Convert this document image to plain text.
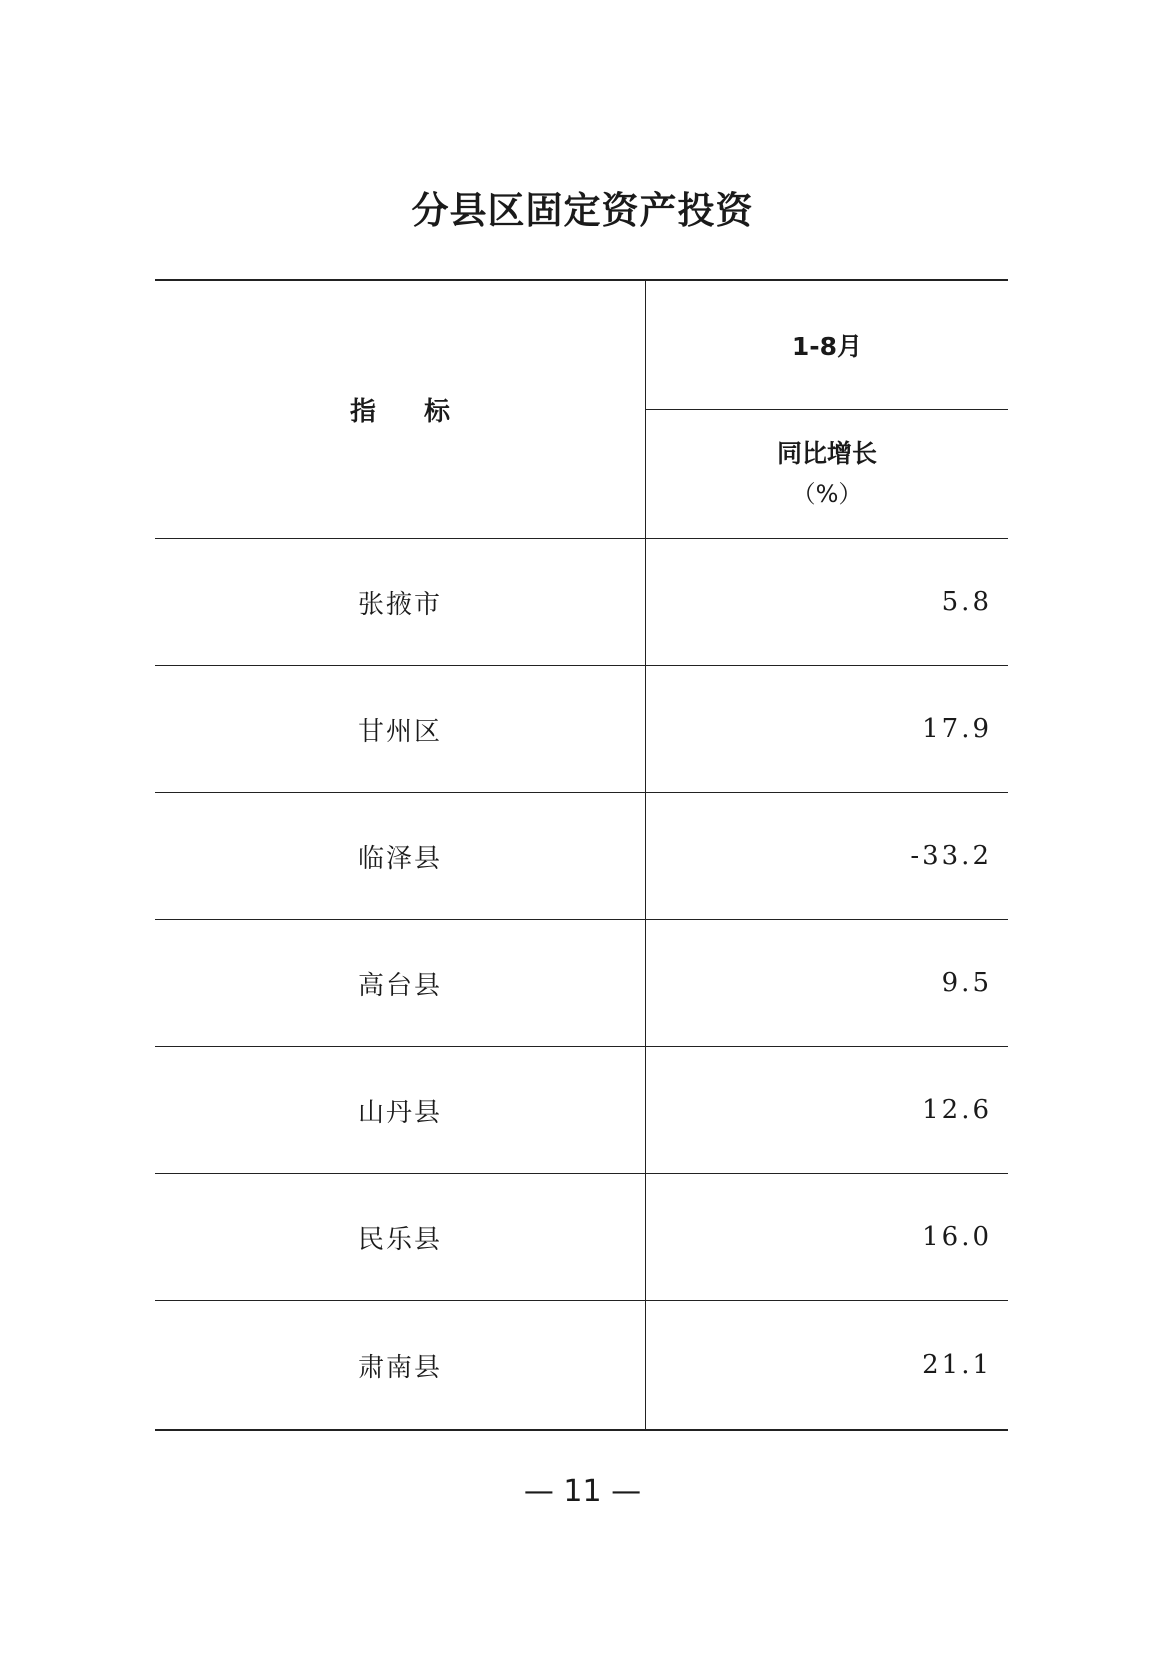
分县区固定资产投资
指标	1-8月
	同比增长
（%）

张掖市	5.8
甘州区	17.9
临泽县	-33.2
高台县	9.5
山丹县	12.6
民乐县	16.0
肃南县	21.1
— 11 —
